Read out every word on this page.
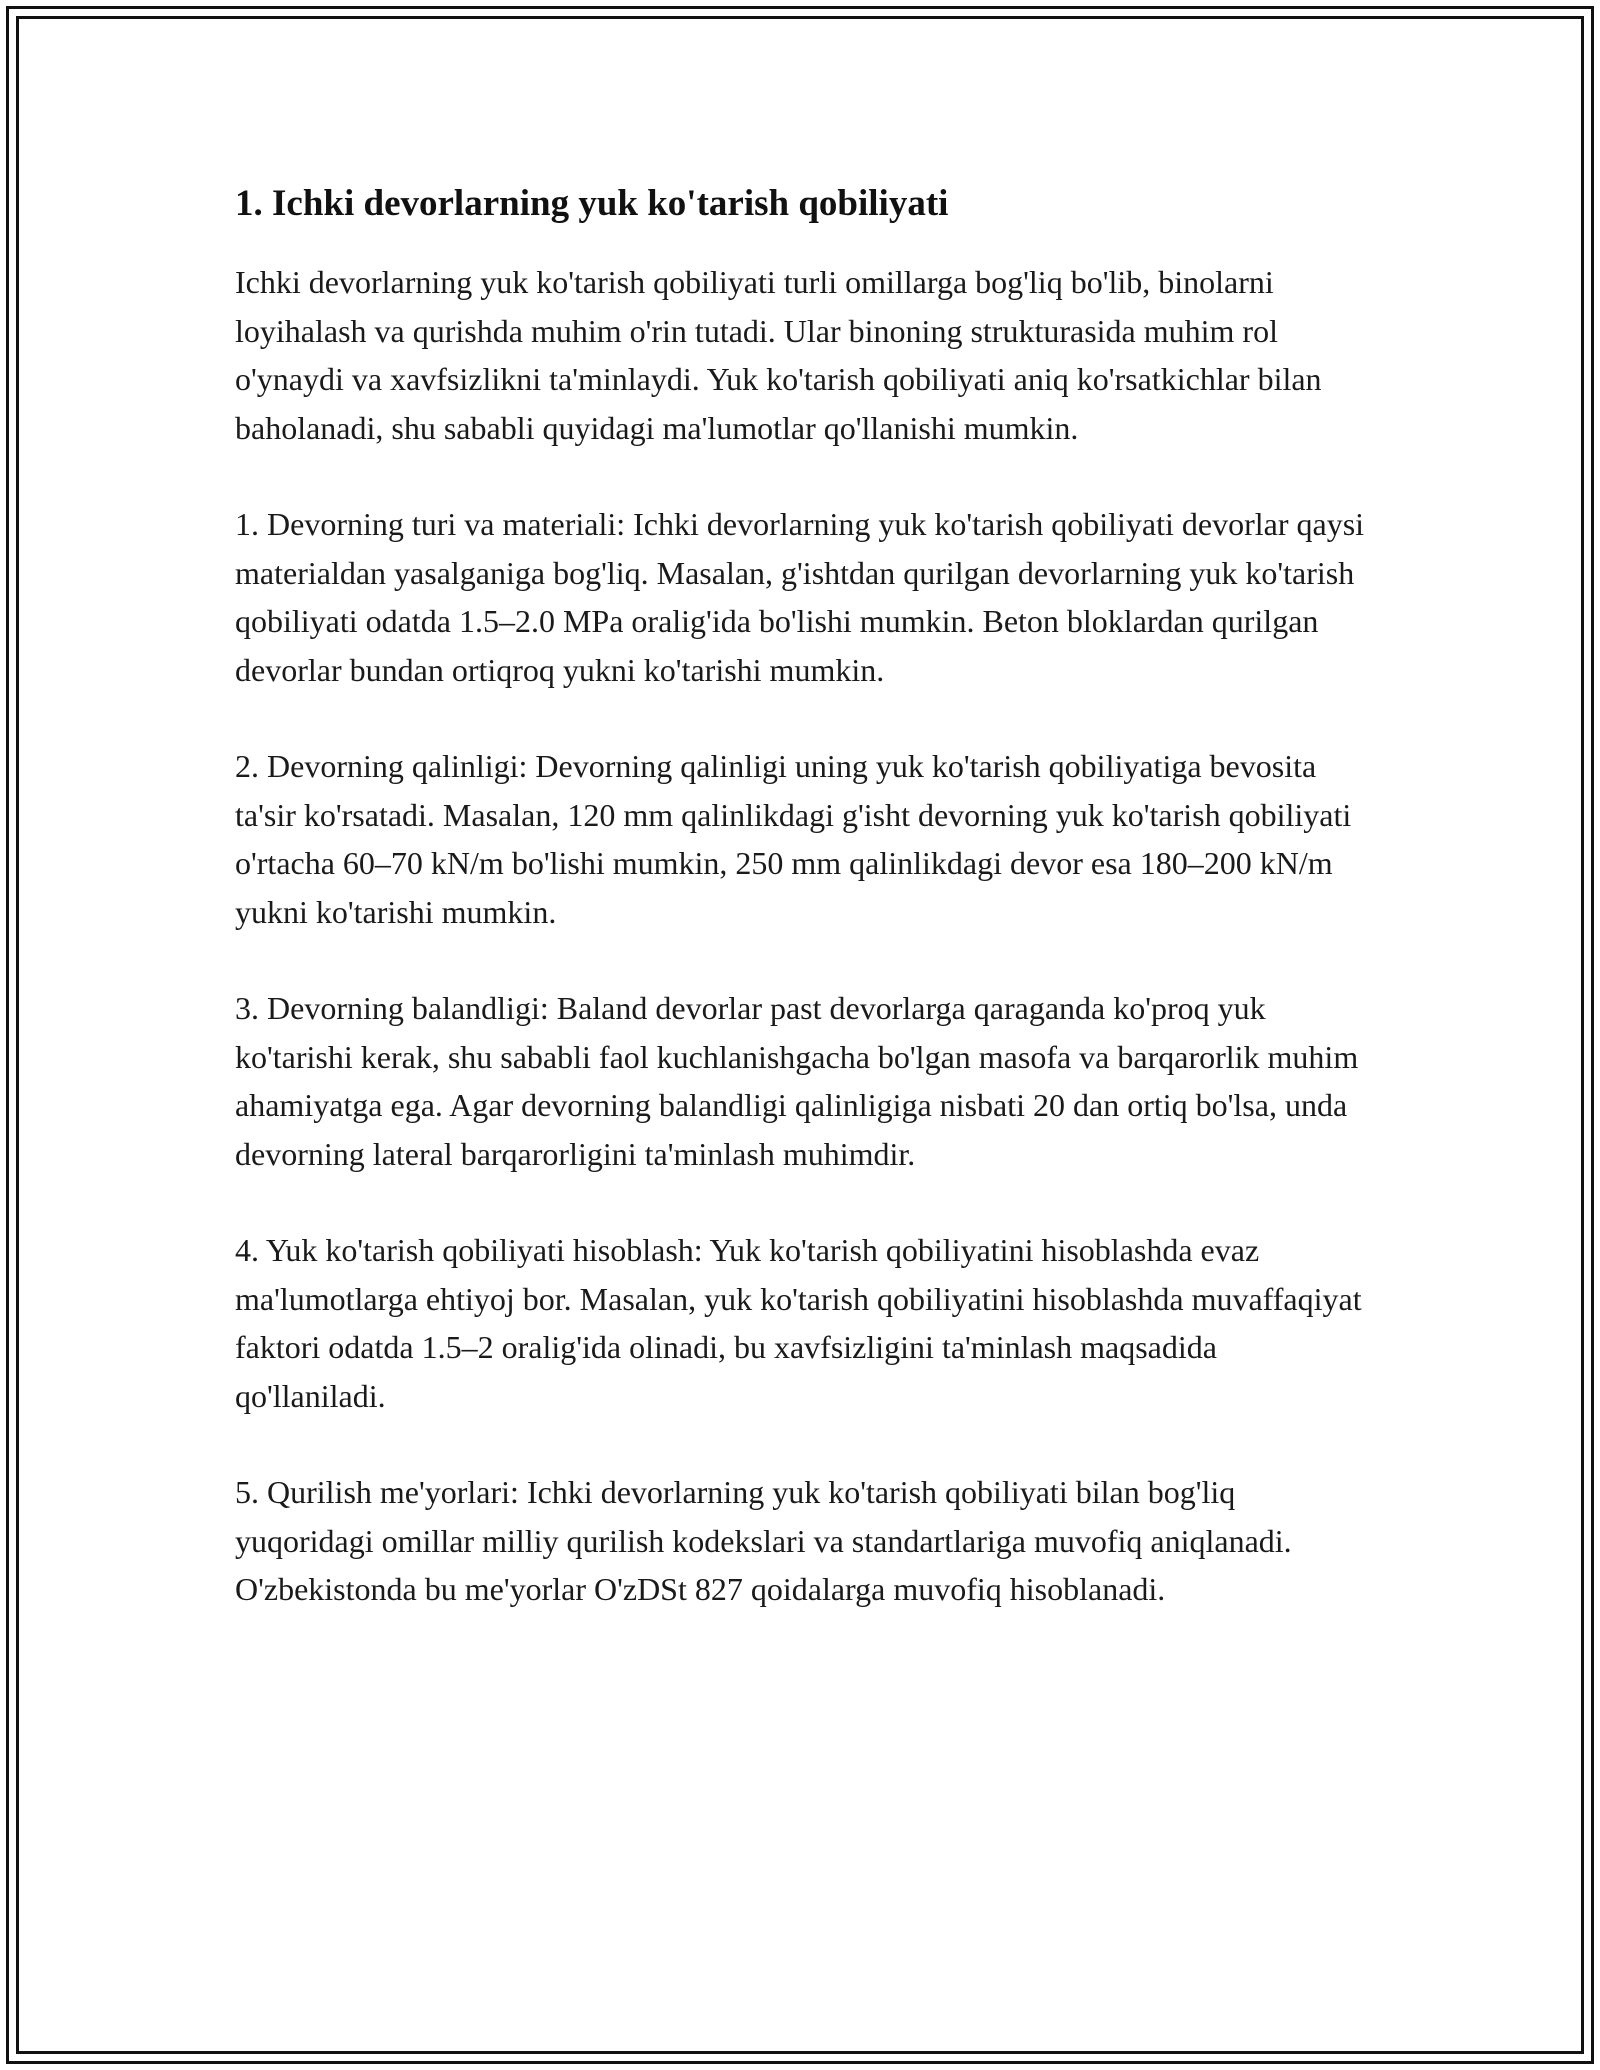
1. Ichki devorlarning yuk ko'tarish qobiliyati

Ichki devorlarning yuk ko'tarish qobiliyati turli omillarga bog'liq bo'lib, binolarni loyihalash va qurishda muhim o'rin tutadi. Ular binoning strukturasida muhim rol o'ynaydi va xavfsizlikni ta'minlaydi. Yuk ko'tarish qobiliyati aniq ko'rsatkichlar bilan baholanadi, shu sababli quyidagi ma'lumotlar qo'llanishi mumkin.

1. Devorning turi va materiali: Ichki devorlarning yuk ko'tarish qobiliyati devorlar qaysi materialdan yasalganiga bog'liq. Masalan, g'ishtdan qurilgan devorlarning yuk ko'tarish qobiliyati odatda 1.5–2.0 MPa oralig'ida bo'lishi mumkin. Beton bloklardan qurilgan devorlar bundan ortiqroq yukni ko'tarishi mumkin.

2. Devorning qalinligi: Devorning qalinligi uning yuk ko'tarish qobiliyatiga bevosita ta'sir ko'rsatadi. Masalan, 120 mm qalinlikdagi g'isht devorning yuk ko'tarish qobiliyati o'rtacha 60–70 kN/m bo'lishi mumkin, 250 mm qalinlikdagi devor esa 180–200 kN/m yukni ko'tarishi mumkin.

3. Devorning balandligi: Baland devorlar past devorlarga qaraganda ko'proq yuk ko'tarishi kerak, shu sababli faol kuchlanishgacha bo'lgan masofa va barqarorlik muhim ahamiyatga ega. Agar devorning balandligi qalinligiga nisbati 20 dan ortiq bo'lsa, unda devorning lateral barqarorligini ta'minlash muhimdir.

4. Yuk ko'tarish qobiliyati hisoblash: Yuk ko'tarish qobiliyatini hisoblashda evaz ma'lumotlarga ehtiyoj bor. Masalan, yuk ko'tarish qobiliyatini hisoblashda muvaffaqiyat faktori odatda 1.5–2 oralig'ida olinadi, bu xavfsizligini ta'minlash maqsadida qo'llaniladi.

5. Qurilish me'yorlari: Ichki devorlarning yuk ko'tarish qobiliyati bilan bog'liq yuqoridagi omillar milliy qurilish kodekslari va standartlariga muvofiq aniqlanadi. O'zbekistonda bu me'yorlar O'zDSt 827 qoidalarga muvofiq hisoblanadi.
